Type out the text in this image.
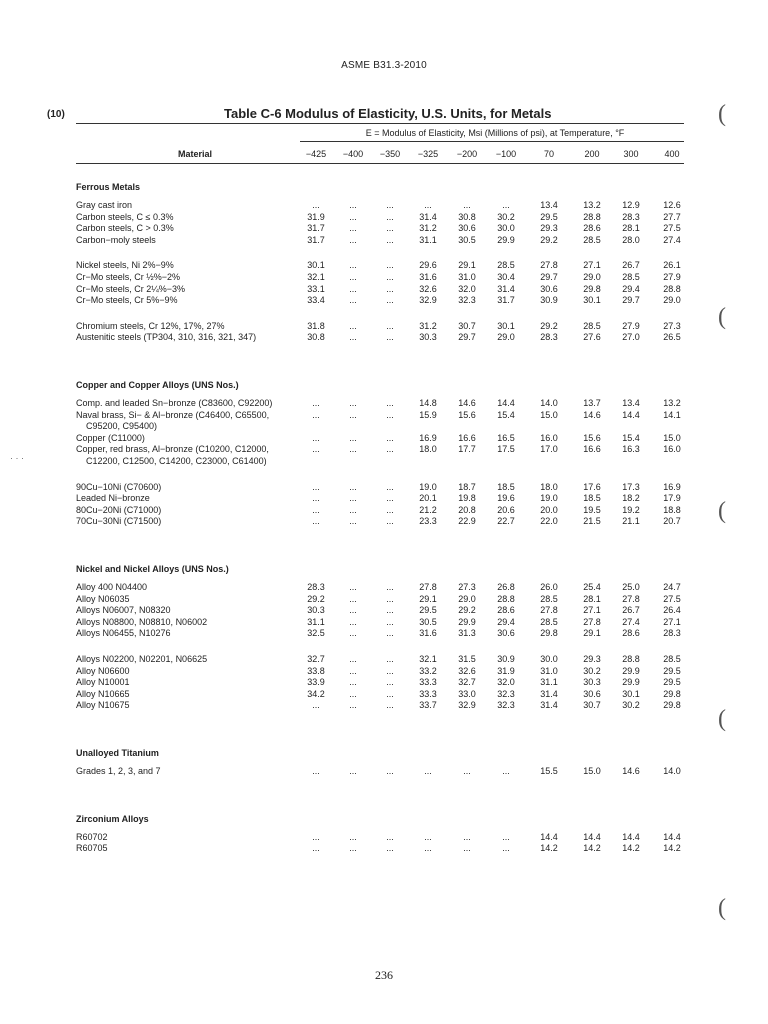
ASME B31.3-2010
(10)	Table C-6 Modulus of Elasticity, U.S. Units, for Metals
E = Modulus of Elasticity, Msi (Millions of psi), at Temperature, °F
Material	−425	−400	−350	−325	−200	−100	70	200	300	400
Ferrous Metals
Gray cast iron	...	...	...	...	...	...	13.4	13.2	12.9	12.6
Carbon steels, C ≤ 0.3%	31.9	...	...	31.4	30.8	30.2	29.5	28.8	28.3	27.7
Carbon steels, C > 0.3%	31.7	...	...	31.2	30.6	30.0	29.3	28.6	28.1	27.5
Carbon−moly steels	31.7	...	...	31.1	30.5	29.9	29.2	28.5	28.0	27.4
Nickel steels, Ni 2%−9%	30.1	...	...	29.6	29.1	28.5	27.8	27.1	26.7	26.1
Cr−Mo steels, Cr ½%−2%	32.1	...	...	31.6	31.0	30.4	29.7	29.0	28.5	27.9
Cr−Mo steels, Cr 2¼%−3%	33.1	...	...	32.6	32.0	31.4	30.6	29.8	29.4	28.8
Cr−Mo steels, Cr 5%−9%	33.4	...	...	32.9	32.3	31.7	30.9	30.1	29.7	29.0
Chromium steels, Cr 12%, 17%, 27%	31.8	...	...	31.2	30.7	30.1	29.2	28.5	27.9	27.3
Austenitic steels (TP304, 310, 316, 321, 347)	30.8	...	...	30.3	29.7	29.0	28.3	27.6	27.0	26.5
Copper and Copper Alloys (UNS Nos.)
Comp. and leaded Sn−bronze (C83600, C92200)	...	...	...	14.8	14.6	14.4	14.0	13.7	13.4	13.2
Naval brass, Si− & Al−bronze (C46400, C65500,	...	...	...	15.9	15.6	15.4	15.0	14.6	14.4	14.1
C95200, C95400)
Copper (C11000)	...	...	...	16.9	16.6	16.5	16.0	15.6	15.4	15.0
Copper, red brass, Al−bronze (C10200, C12000,	...	...	...	18.0	17.7	17.5	17.0	16.6	16.3	16.0
C12200, C12500, C14200, C23000, C61400)
90Cu−10Ni (C70600)	...	...	...	19.0	18.7	18.5	18.0	17.6	17.3	16.9
Leaded Ni−bronze	...	...	...	20.1	19.8	19.6	19.0	18.5	18.2	17.9
80Cu−20Ni (C71000)	...	...	...	21.2	20.8	20.6	20.0	19.5	19.2	18.8
70Cu−30Ni (C71500)	...	...	...	23.3	22.9	22.7	22.0	21.5	21.1	20.7
Nickel and Nickel Alloys (UNS Nos.)
Alloy 400 N04400	28.3	...	...	27.8	27.3	26.8	26.0	25.4	25.0	24.7
Alloy N06035	29.2	...	...	29.1	29.0	28.8	28.5	28.1	27.8	27.5
Alloys N06007, N08320	30.3	...	...	29.5	29.2	28.6	27.8	27.1	26.7	26.4
Alloys N08800, N08810, N06002	31.1	...	...	30.5	29.9	29.4	28.5	27.8	27.4	27.1
Alloys N06455, N10276	32.5	...	...	31.6	31.3	30.6	29.8	29.1	28.6	28.3
Alloys N02200, N02201, N06625	32.7	...	...	32.1	31.5	30.9	30.0	29.3	28.8	28.5
Alloy N06600	33.8	...	...	33.2	32.6	31.9	31.0	30.2	29.9	29.5
Alloy N10001	33.9	...	...	33.3	32.7	32.0	31.1	30.3	29.9	29.5
Alloy N10665	34.2	...	...	33.3	33.0	32.3	31.4	30.6	30.1	29.8
Alloy N10675	...	...	...	33.7	32.9	32.3	31.4	30.7	30.2	29.8
Unalloyed Titanium
Grades 1, 2, 3, and 7	...	...	...	...	...	...	15.5	15.0	14.6	14.0
Zirconium Alloys
R60702	...	...	...	...	...	...	14.4	14.4	14.4	14.4
R60705	...	...	...	...	...	...	14.2	14.2	14.2	14.2
· · ·
(
(
(
(
(
236
